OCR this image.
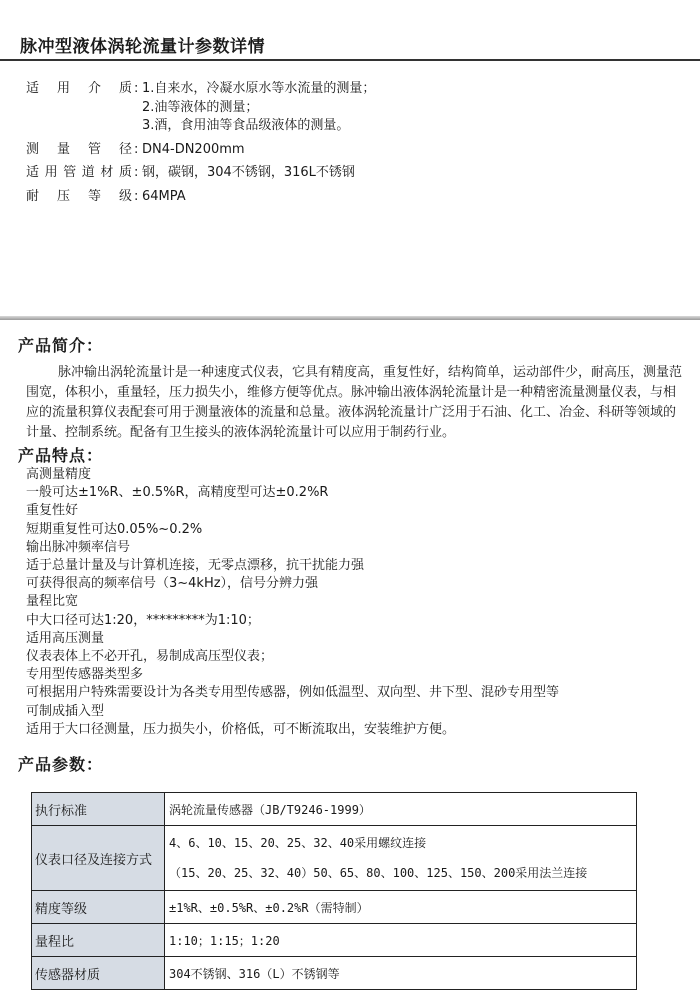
脉冲型液体涡轮流量计参数详情
适用介质 : 1.自来水，冷凝水原水等水流量的测量；
2.油等液体的测量；
3.酒，食用油等食品级液体的测量。
测量管径 : DN4-DN200mm
适用管道材质 : 钢，碳钢，304不锈钢，316L不锈钢
耐压等级 : 64MPA
产品简介：
脉冲输出涡轮流量计是一种速度式仪表，它具有精度高，重复性好，结构简单，运动部件少，耐高压，测量范围宽，体积小，重量轻，压力损失小，维修方便等优点。脉冲输出液体涡轮流量计是一种精密流量测量仪表，与相应的流量积算仪表配套可用于测量液体的流量和总量。液体涡轮流量计广泛用于石油、化工、冶金、科研等领域的计量、控制系统。配备有卫生接头的液体涡轮流量计可以应用于制药行业。
产品特点：
高测量精度
一般可达±1%R、±0.5%R，高精度型可达±0.2%R
重复性好
短期重复性可达0.05%~0.2%
输出脉冲频率信号
适于总量计量及与计算机连接，无零点漂移，抗干扰能力强
可获得很高的频率信号（3~4kHz），信号分辨力强
量程比宽
中大口径可达1:20，*********为1:10；
适用高压测量
仪表表体上不必开孔，易制成高压型仪表；
专用型传感器类型多
可根据用户特殊需要设计为各类专用型传感器，例如低温型、双向型、井下型、混砂专用型等
可制成插入型
适用于大口径测量，压力损失小，价格低，可不断流取出，安装维护方便。
产品参数：
执行标准	涡轮流量传感器（JB/T9246-1999）
仪表口径及连接方式	4、6、10、15、20、25、32、40采用螺纹连接
（15、20、25、32、40）50、65、80、100、125、150、200采用法兰连接

精度等级	±1%R、±0.5%R、±0.2%R（需特制）
量程比	1:10；1:15；1:20
传感器材质	304不锈钢、316（L）不锈钢等
